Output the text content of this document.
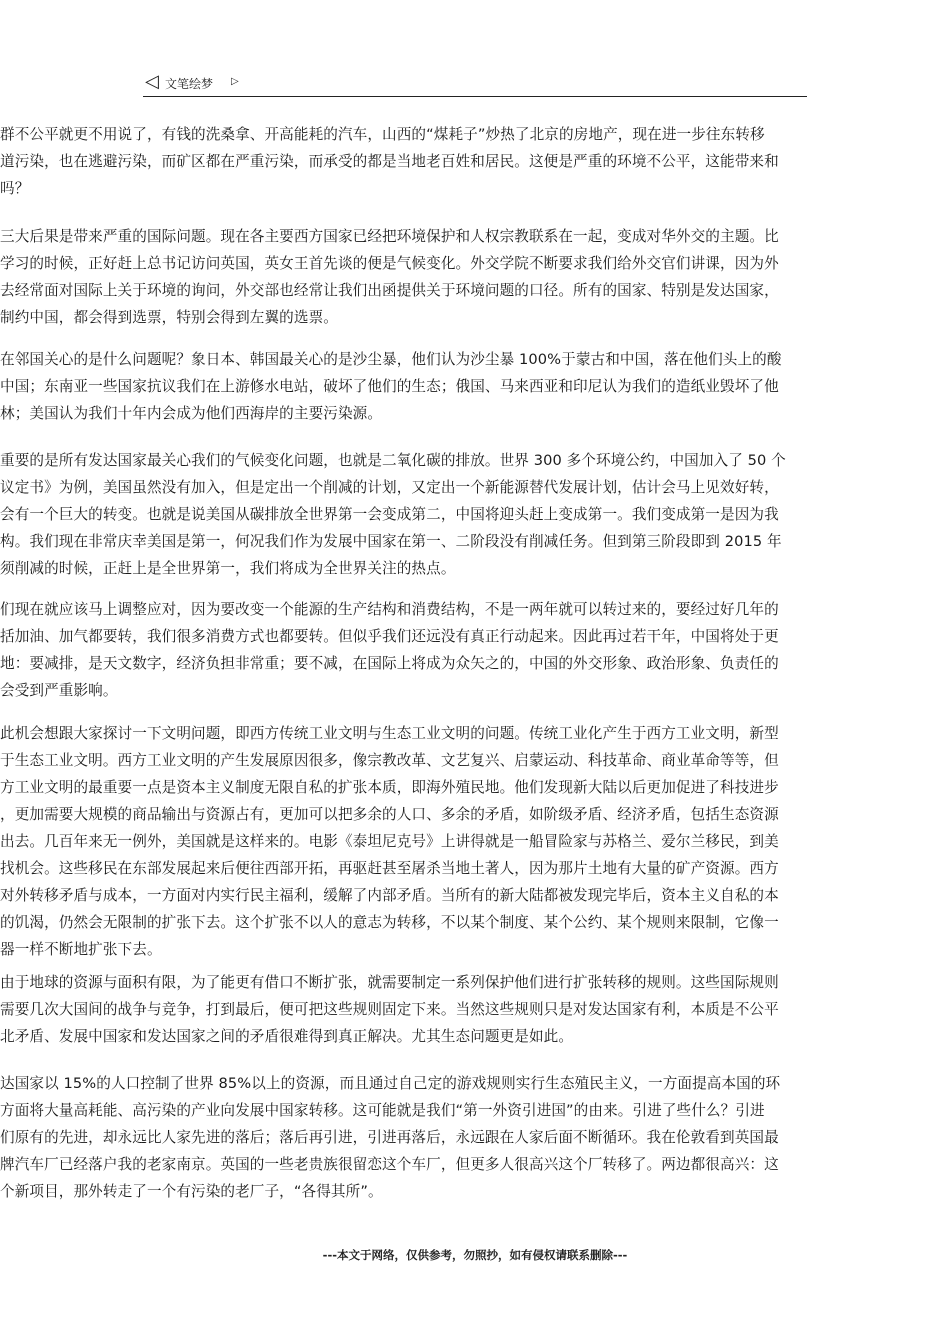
◁ 文笔绘梦 ▷
群不公平就更不用说了，有钱的洗桑拿、开高能耗的汽车，山西的“煤耗子”炒热了北京的房地产，现在进一步往东转移
道污染，也在逃避污染，而矿区都在严重污染，而承受的都是当地老百姓和居民。这便是严重的环境不公平，这能带来和
吗？
三大后果是带来严重的国际问题。现在各主要西方国家已经把环境保护和人权宗教联系在一起，变成对华外交的主题。比
学习的时候，正好赶上总书记访问英国，英女王首先谈的便是气候变化。外交学院不断要求我们给外交官们讲课，因为外
去经常面对国际上关于环境的询问，外交部也经常让我们出函提供关于环境问题的口径。所有的国家、特别是发达国家，
制约中国，都会得到选票，特别会得到左翼的选票。
在邻国关心的是什么问题呢？象日本、韩国最关心的是沙尘暴，他们认为沙尘暴 100%于蒙古和中国，落在他们头上的酸
中国；东南亚一些国家抗议我们在上游修水电站，破坏了他们的生态；俄国、马来西亚和印尼认为我们的造纸业毁坏了他
林；美国认为我们十年内会成为他们西海岸的主要污染源。
重要的是所有发达国家最关心我们的气候变化问题，也就是二氧化碳的排放。世界 300 多个环境公约，中国加入了 50 个
议定书》为例，美国虽然没有加入，但是定出一个削减的计划，又定出一个新能源替代发展计划，估计会马上见效好转，
会有一个巨大的转变。也就是说美国从碳排放全世界第一会变成第二，中国将迎头赶上变成第一。我们变成第一是因为我
构。我们现在非常庆幸美国是第一，何况我们作为发展中国家在第一、二阶段没有削减任务。但到第三阶段即到 2015 年
须削减的时候，正赶上是全世界第一，我们将成为全世界关注的热点。
们现在就应该马上调整应对，因为要改变一个能源的生产结构和消费结构，不是一两年就可以转过来的，要经过好几年的
括加油、加气都要转，我们很多消费方式也都要转。但似乎我们还远没有真正行动起来。因此再过若干年，中国将处于更
地：要减排，是天文数字，经济负担非常重；要不减，在国际上将成为众矢之的，中国的外交形象、政治形象、负责任的
会受到严重影响。
此机会想跟大家探讨一下文明问题，即西方传统工业文明与生态工业文明的问题。传统工业化产生于西方工业文明，新型
于生态工业文明。西方工业文明的产生发展原因很多，像宗教改革、文艺复兴、启蒙运动、科技革命、商业革命等等，但
方工业文明的最重要一点是资本主义制度无限自私的扩张本质，即海外殖民地。他们发现新大陆以后更加促进了科技进步
，更加需要大规模的商品输出与资源占有，更加可以把多余的人口、多余的矛盾，如阶级矛盾、经济矛盾，包括生态资源
出去。几百年来无一例外，美国就是这样来的。电影《泰坦尼克号》上讲得就是一船冒险家与苏格兰、爱尔兰移民，到美
找机会。这些移民在东部发展起来后便往西部开拓，再驱赶甚至屠杀当地土著人，因为那片土地有大量的矿产资源。西方
对外转移矛盾与成本，一方面对内实行民主福利，缓解了内部矛盾。当所有的新大陆都被发现完毕后，资本主义自私的本
的饥渴，仍然会无限制的扩张下去。这个扩张不以人的意志为转移，不以某个制度、某个公约、某个规则来限制，它像一
器一样不断地扩张下去。
由于地球的资源与面积有限，为了能更有借口不断扩张，就需要制定一系列保护他们进行扩张转移的规则。这些国际规则
需要几次大国间的战争与竞争，打到最后，便可把这些规则固定下来。当然这些规则只是对发达国家有利，本质是不公平
北矛盾、发展中国家和发达国家之间的矛盾很难得到真正解决。尤其生态问题更是如此。
达国家以 15%的人口控制了世界 85%以上的资源，而且通过自己定的游戏规则实行生态殖民主义，一方面提高本国的环
方面将大量高耗能、高污染的产业向发展中国家转移。这可能就是我们“第一外资引进国”的由来。引进了些什么？引进
们原有的先进，却永远比人家先进的落后；落后再引进，引进再落后，永远跟在人家后面不断循环。我在伦敦看到英国最
牌汽车厂已经落户我的老家南京。英国的一些老贵族很留恋这个车厂，但更多人很高兴这个厂转移了。两边都很高兴：这
个新项目，那外转走了一个有污染的老厂子，“各得其所”。
---本文于网络，仅供参考，勿照抄，如有侵权请联系删除---
